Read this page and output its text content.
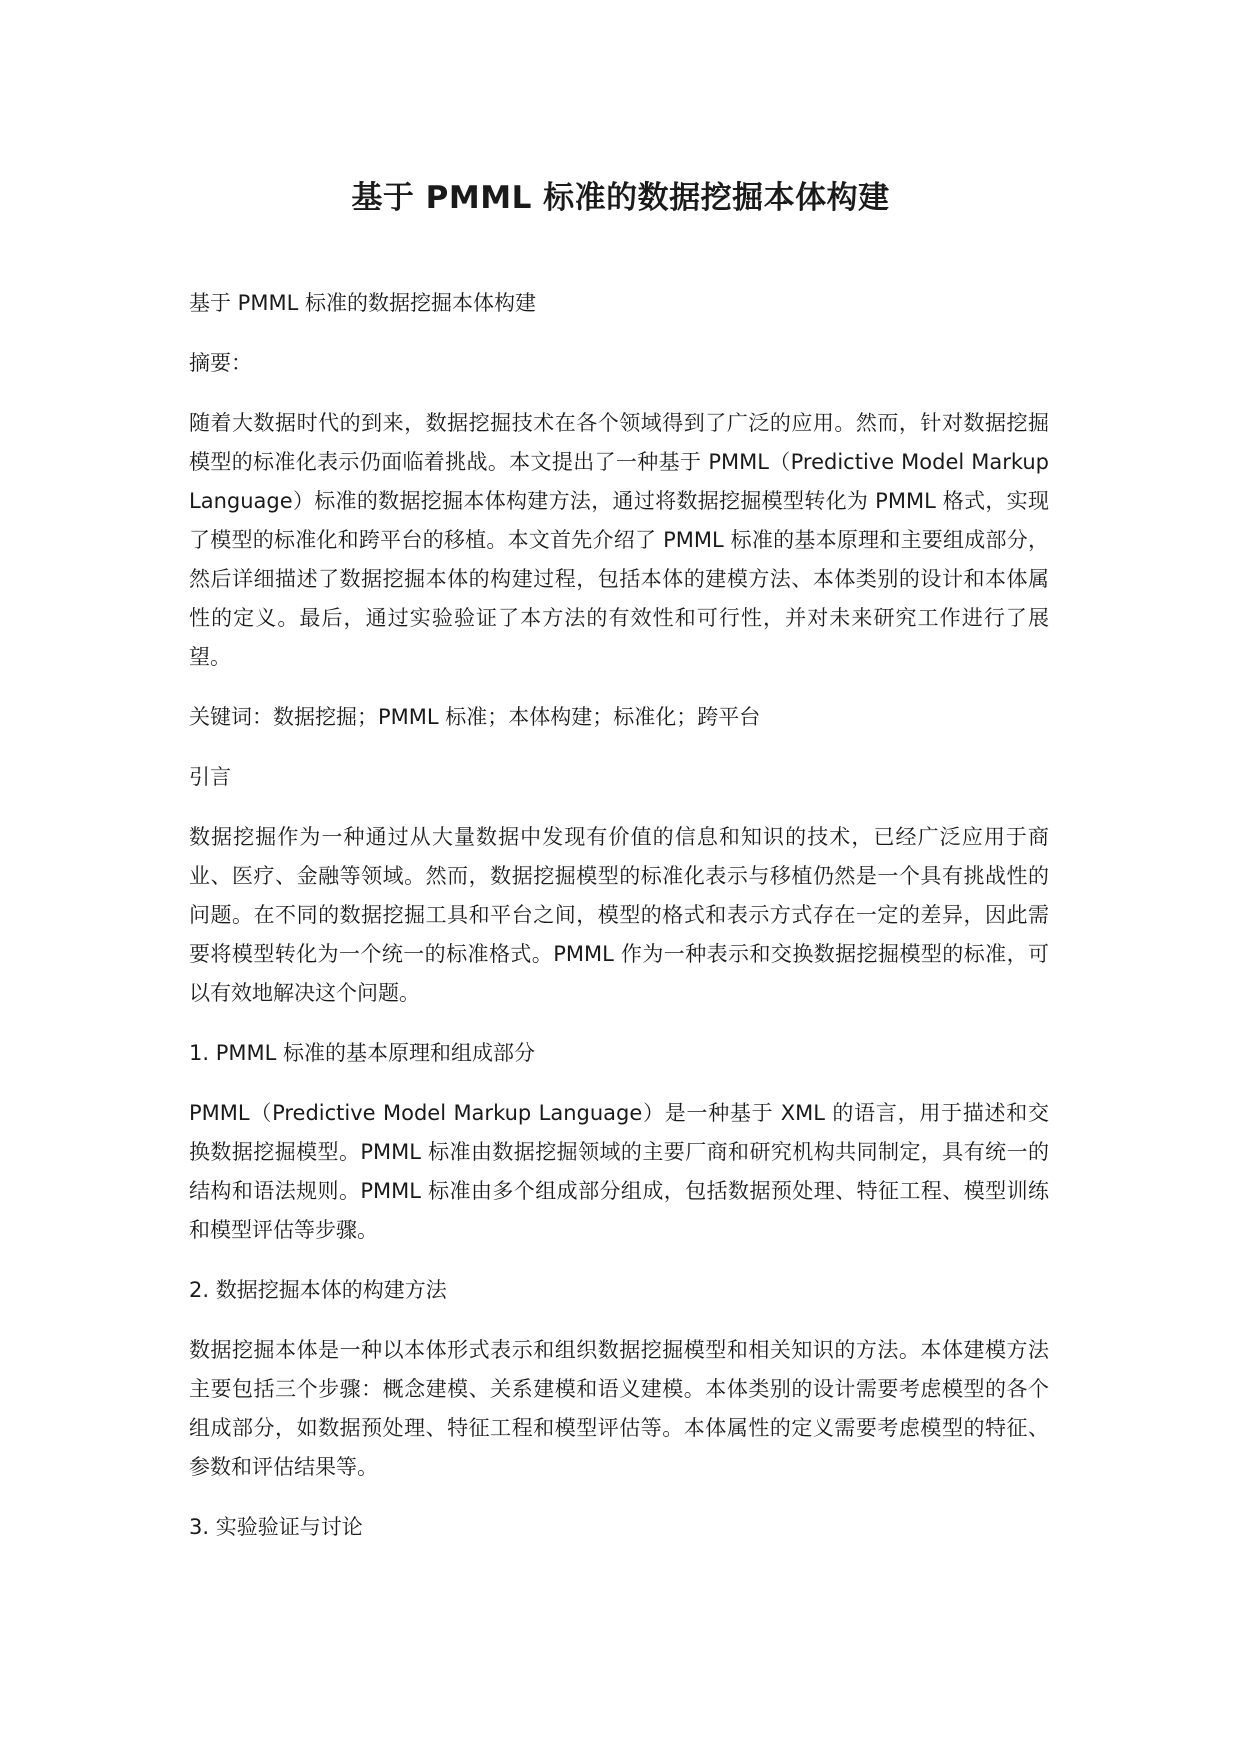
基于 PMML 标准的数据挖掘本体构建

基于 PMML 标准的数据挖掘本体构建

摘要：

随着大数据时代的到来，数据挖掘技术在各个领域得到了广泛的应用。然而，针对数据挖掘模型的标准化表示仍面临着挑战。本文提出了一种基于 PMML（Predictive Model Markup Language）标准的数据挖掘本体构建方法，通过将数据挖掘模型转化为 PMML 格式，实现了模型的标准化和跨平台的移植。本文首先介绍了 PMML 标准的基本原理和主要组成部分，然后详细描述了数据挖掘本体的构建过程，包括本体的建模方法、本体类别的设计和本体属性的定义。最后，通过实验验证了本方法的有效性和可行性，并对未来研究工作进行了展望。

关键词：数据挖掘；PMML 标准；本体构建；标准化；跨平台

引言

数据挖掘作为一种通过从大量数据中发现有价值的信息和知识的技术，已经广泛应用于商业、医疗、金融等领域。然而，数据挖掘模型的标准化表示与移植仍然是一个具有挑战性的问题。在不同的数据挖掘工具和平台之间，模型的格式和表示方式存在一定的差异，因此需要将模型转化为一个统一的标准格式。PMML 作为一种表示和交换数据挖掘模型的标准，可以有效地解决这个问题。

1. PMML 标准的基本原理和组成部分

PMML（Predictive Model Markup Language）是一种基于 XML 的语言，用于描述和交换数据挖掘模型。PMML 标准由数据挖掘领域的主要厂商和研究机构共同制定，具有统一的结构和语法规则。PMML 标准由多个组成部分组成，包括数据预处理、特征工程、模型训练和模型评估等步骤。

2. 数据挖掘本体的构建方法

数据挖掘本体是一种以本体形式表示和组织数据挖掘模型和相关知识的方法。本体建模方法主要包括三个步骤：概念建模、关系建模和语义建模。本体类别的设计需要考虑模型的各个组成部分，如数据预处理、特征工程和模型评估等。本体属性的定义需要考虑模型的特征、参数和评估结果等。

3. 实验验证与讨论
